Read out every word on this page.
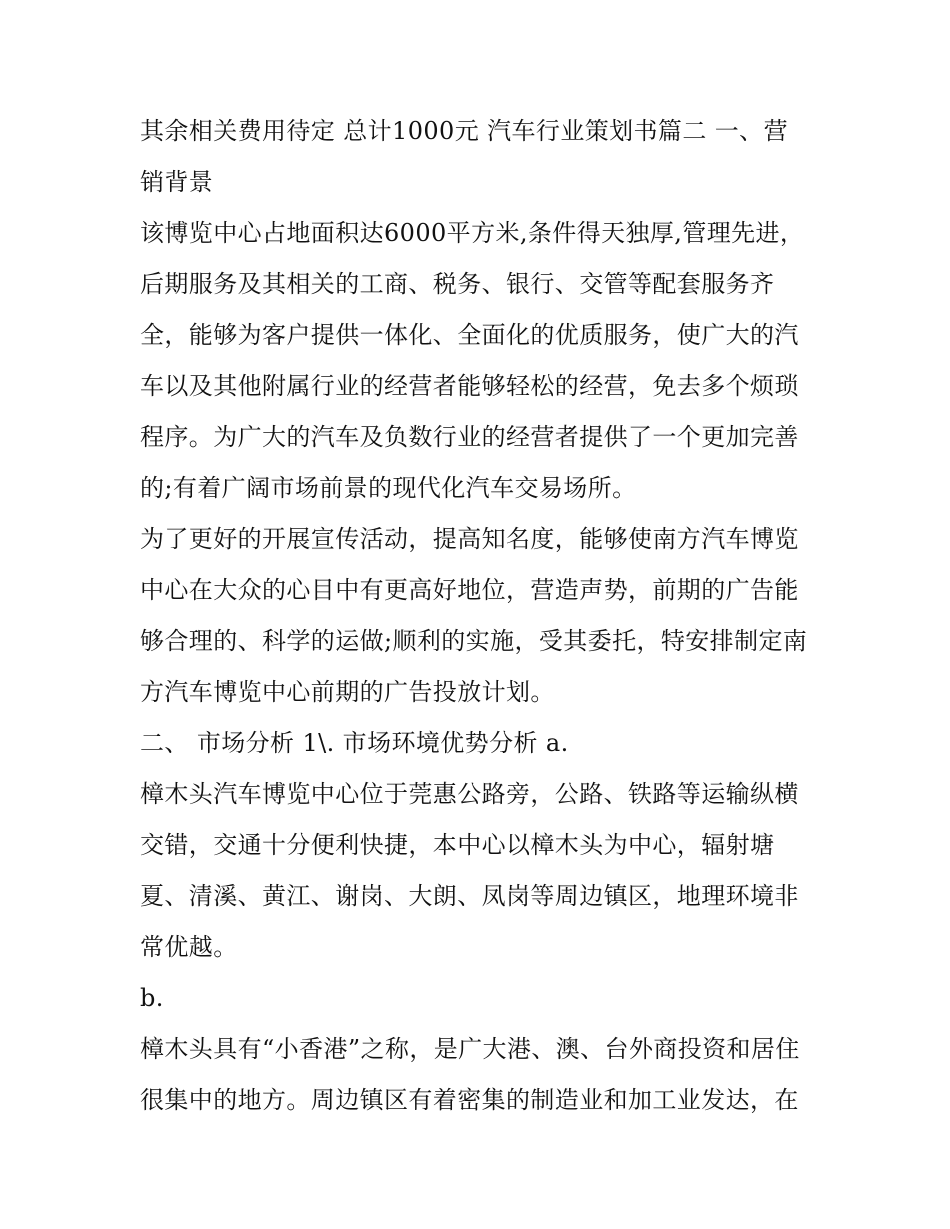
其余相关费用待定 总计1000元 汽车行业策划书篇二 一、营销背景

该博览中心占地面积达6000平方米,条件得天独厚,管理先进，后期服务及其相关的工商、税务、银行、交管等配套服务齐全，能够为客户提供一体化、全面化的优质服务，使广大的汽车以及其他附属行业的经营者能够轻松的经营，免去多个烦琐程序。为广大的汽车及负数行业的经营者提供了一个更加完善的;有着广阔市场前景的现代化汽车交易场所。

为了更好的开展宣传活动，提高知名度，能够使南方汽车博览中心在大众的心目中有更高好地位，营造声势，前期的广告能够合理的、科学的运做;顺利的实施，受其委托，特安排制定南方汽车博览中心前期的广告投放计划。

二、 市场分析 1\. 市场环境优势分析 a.

樟木头汽车博览中心位于莞惠公路旁，公路、铁路等运输纵横交错，交通十分便利快捷，本中心以樟木头为中心，辐射塘夏、清溪、黄江、谢岗、大朗、凤岗等周边镇区，地理环境非常优越。

b.

樟木头具有“小香港”之称，是广大港、澳、台外商投资和居住很集中的地方。周边镇区有着密集的制造业和加工业发达，在
